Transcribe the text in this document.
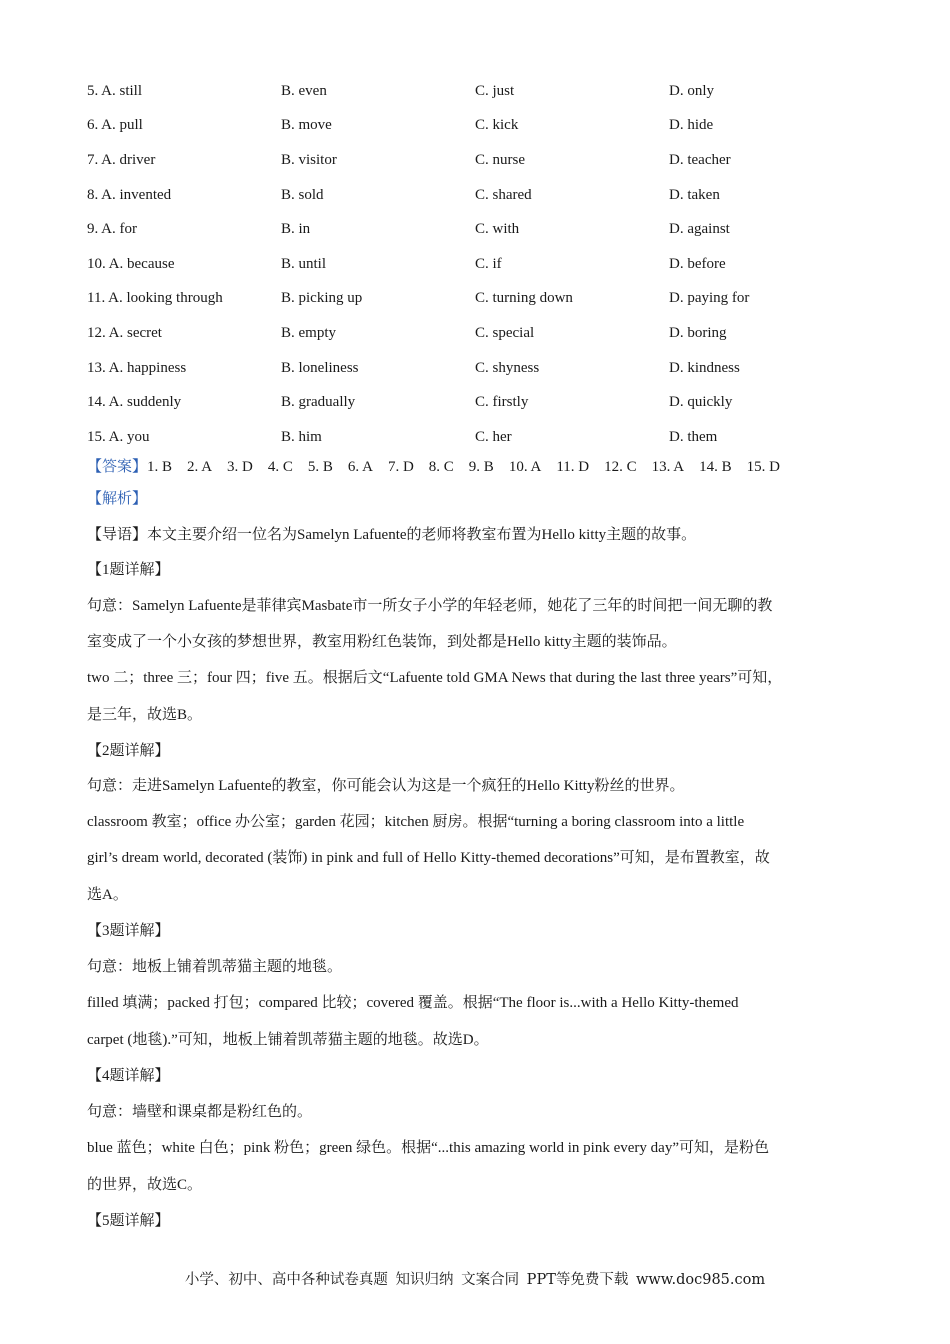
5. A. still	B. even	C. just	D. only
6. A. pull	B. move	C. kick	D. hide
7. A. driver	B. visitor	C. nurse	D. teacher
8. A. invented	B. sold	C. shared	D. taken
9. A. for	B. in	C. with	D. against
10. A. because	B. until	C. if	D. before
11. A. looking through	B. picking up	C. turning down	D. paying for
12. A. secret	B. empty	C. special	D. boring
13. A. happiness	B. loneliness	C. shyness	D. kindness
14. A. suddenly	B. gradually	C. firstly	D. quickly
15. A. you	B. him	C. her	D. them
【答案】1. B 2. A 3. D 4. C 5. B 6. A 7. D 8. C 9. B 10. A 11. D 12. C 13. A 14. B 15. D
【解析】
【导语】本文主要介绍一位名为Samelyn Lafuente的老师将教室布置为Hello kitty主题的故事。
【1题详解】
句意：Samelyn Lafuente是菲律宾Masbate市一所女子小学的年轻老师，她花了三年的时间把一间无聊的教
室变成了一个小女孩的梦想世界，教室用粉红色装饰，到处都是Hello kitty主题的装饰品。
two 二；three 三；four 四；five 五。根据后文“Lafuente told GMA News that during the last three years”可知，
是三年，故选B。
【2题详解】
句意：走进Samelyn Lafuente的教室，你可能会认为这是一个疯狂的Hello Kitty粉丝的世界。
classroom 教室；office 办公室；garden 花园；kitchen 厨房。根据“turning a boring classroom into a little
girl’s dream world, decorated (装饰) in pink and full of Hello Kitty-themed decorations”可知，是布置教室，故
选A。
【3题详解】
句意：地板上铺着凯蒂猫主题的地毯。
filled 填满；packed 打包；compared 比较；covered 覆盖。根据“The floor is...with a Hello Kitty-themed
carpet (地毯).”可知，地板上铺着凯蒂猫主题的地毯。故选D。
【4题详解】
句意：墙壁和课桌都是粉红色的。
blue 蓝色；white 白色；pink 粉色；green 绿色。根据“...this amazing world in pink every day”可知，是粉色
的世界，故选C。
【5题详解】
小学、初中、高中各种试卷真题 知识归纳 文案合同 PPT等免费下载 www.doc985.com
